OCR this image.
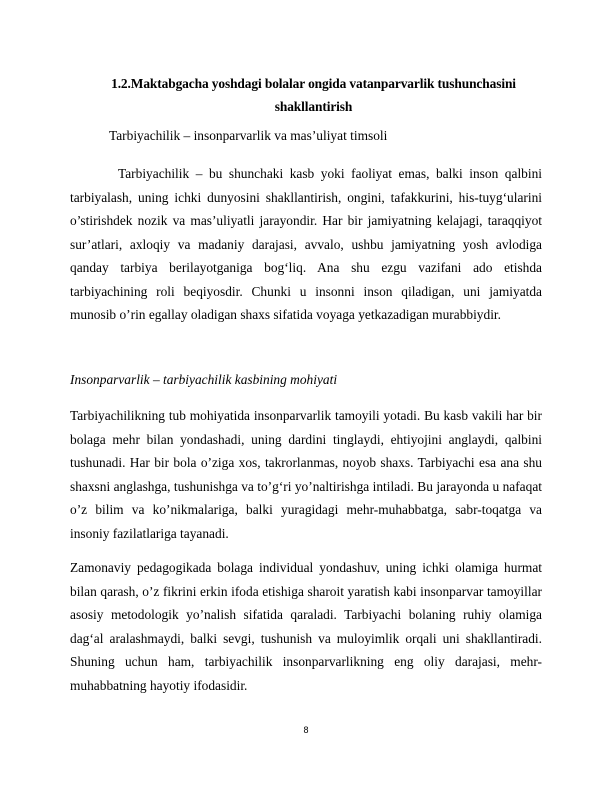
1.2.Maktabgacha yoshdagi bolalar ongida vatanparvarlik tushunchasini shakllantirish
Tarbiyachilik – insonparvarlik va mas’uliyat timsoli

Tarbiyachilik – bu shunchaki kasb yoki faoliyat emas, balki inson qalbini tarbiyalash, uning ichki dunyosini shakllantirish, ongini, tafakkurini, his-tuyg‘ularini o’stirishdek nozik va mas’uliyatli jarayondir. Har bir jamiyatning kelajagi, taraqqiyot sur’atlari, axloqiy va madaniy darajasi, avvalo, ushbu jamiyatning yosh avlodiga qanday tarbiya berilayotganiga bog‘liq. Ana shu ezgu vazifani ado etishda tarbiyachining roli beqiyosdir. Chunki u insonni inson qiladigan, uni jamiyatda munosib o’rin egallay oladigan shaxs sifatida voyaga yetkazadigan murabbiydir.

Insonparvarlik – tarbiyachilik kasbining mohiyati

Tarbiyachilikning tub mohiyatida insonparvarlik tamoyili yotadi. Bu kasb vakili har bir bolaga mehr bilan yondashadi, uning dardini tinglaydi, ehtiyojini anglaydi, qalbini tushunadi. Har bir bola o’ziga xos, takrorlanmas, noyob shaxs. Tarbiyachi esa ana shu shaxsni anglashga, tushunishga va to’g‘ri yo’naltirishga intiladi. Bu jarayonda u nafaqat o’z bilim va ko’nikmalariga, balki yuragidagi mehr-muhabbatga, sabr-toqatga va insoniy fazilatlariga tayanadi.

Zamonaviy pedagogikada bolaga individual yondashuv, uning ichki olamiga hurmat bilan qarash, o’z fikrini erkin ifoda etishiga sharoit yaratish kabi insonparvar tamoyillar asosiy metodologik yo’nalish sifatida qaraladi. Tarbiyachi bolaning ruhiy olamiga dag‘al aralashmaydi, balki sevgi, tushunish va muloyimlik orqali uni shakllantiradi. Shuning uchun ham, tarbiyachilik insonparvarlikning eng oliy darajasi, mehr-muhabbatning hayotiy ifodasidir.

8
